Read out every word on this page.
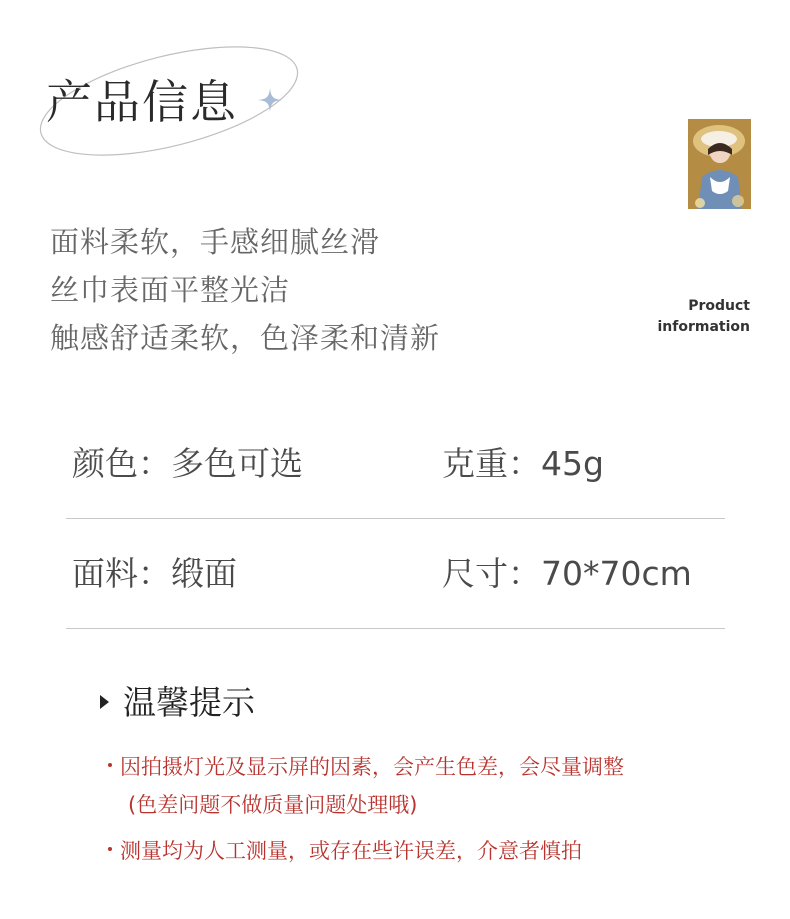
产品信息
面料柔软，手感细腻丝滑
丝巾表面平整光洁
触感舒适柔软，色泽柔和清新
Product
information
颜色：多色可选	克重：45g
面料：缎面	尺寸：70*70cm
温馨提示
因拍摄灯光及显示屏的因素，会产生色差，会尽量调整
(色差问题不做质量问题处理哦)
测量均为人工测量，或存在些许误差，介意者慎拍
